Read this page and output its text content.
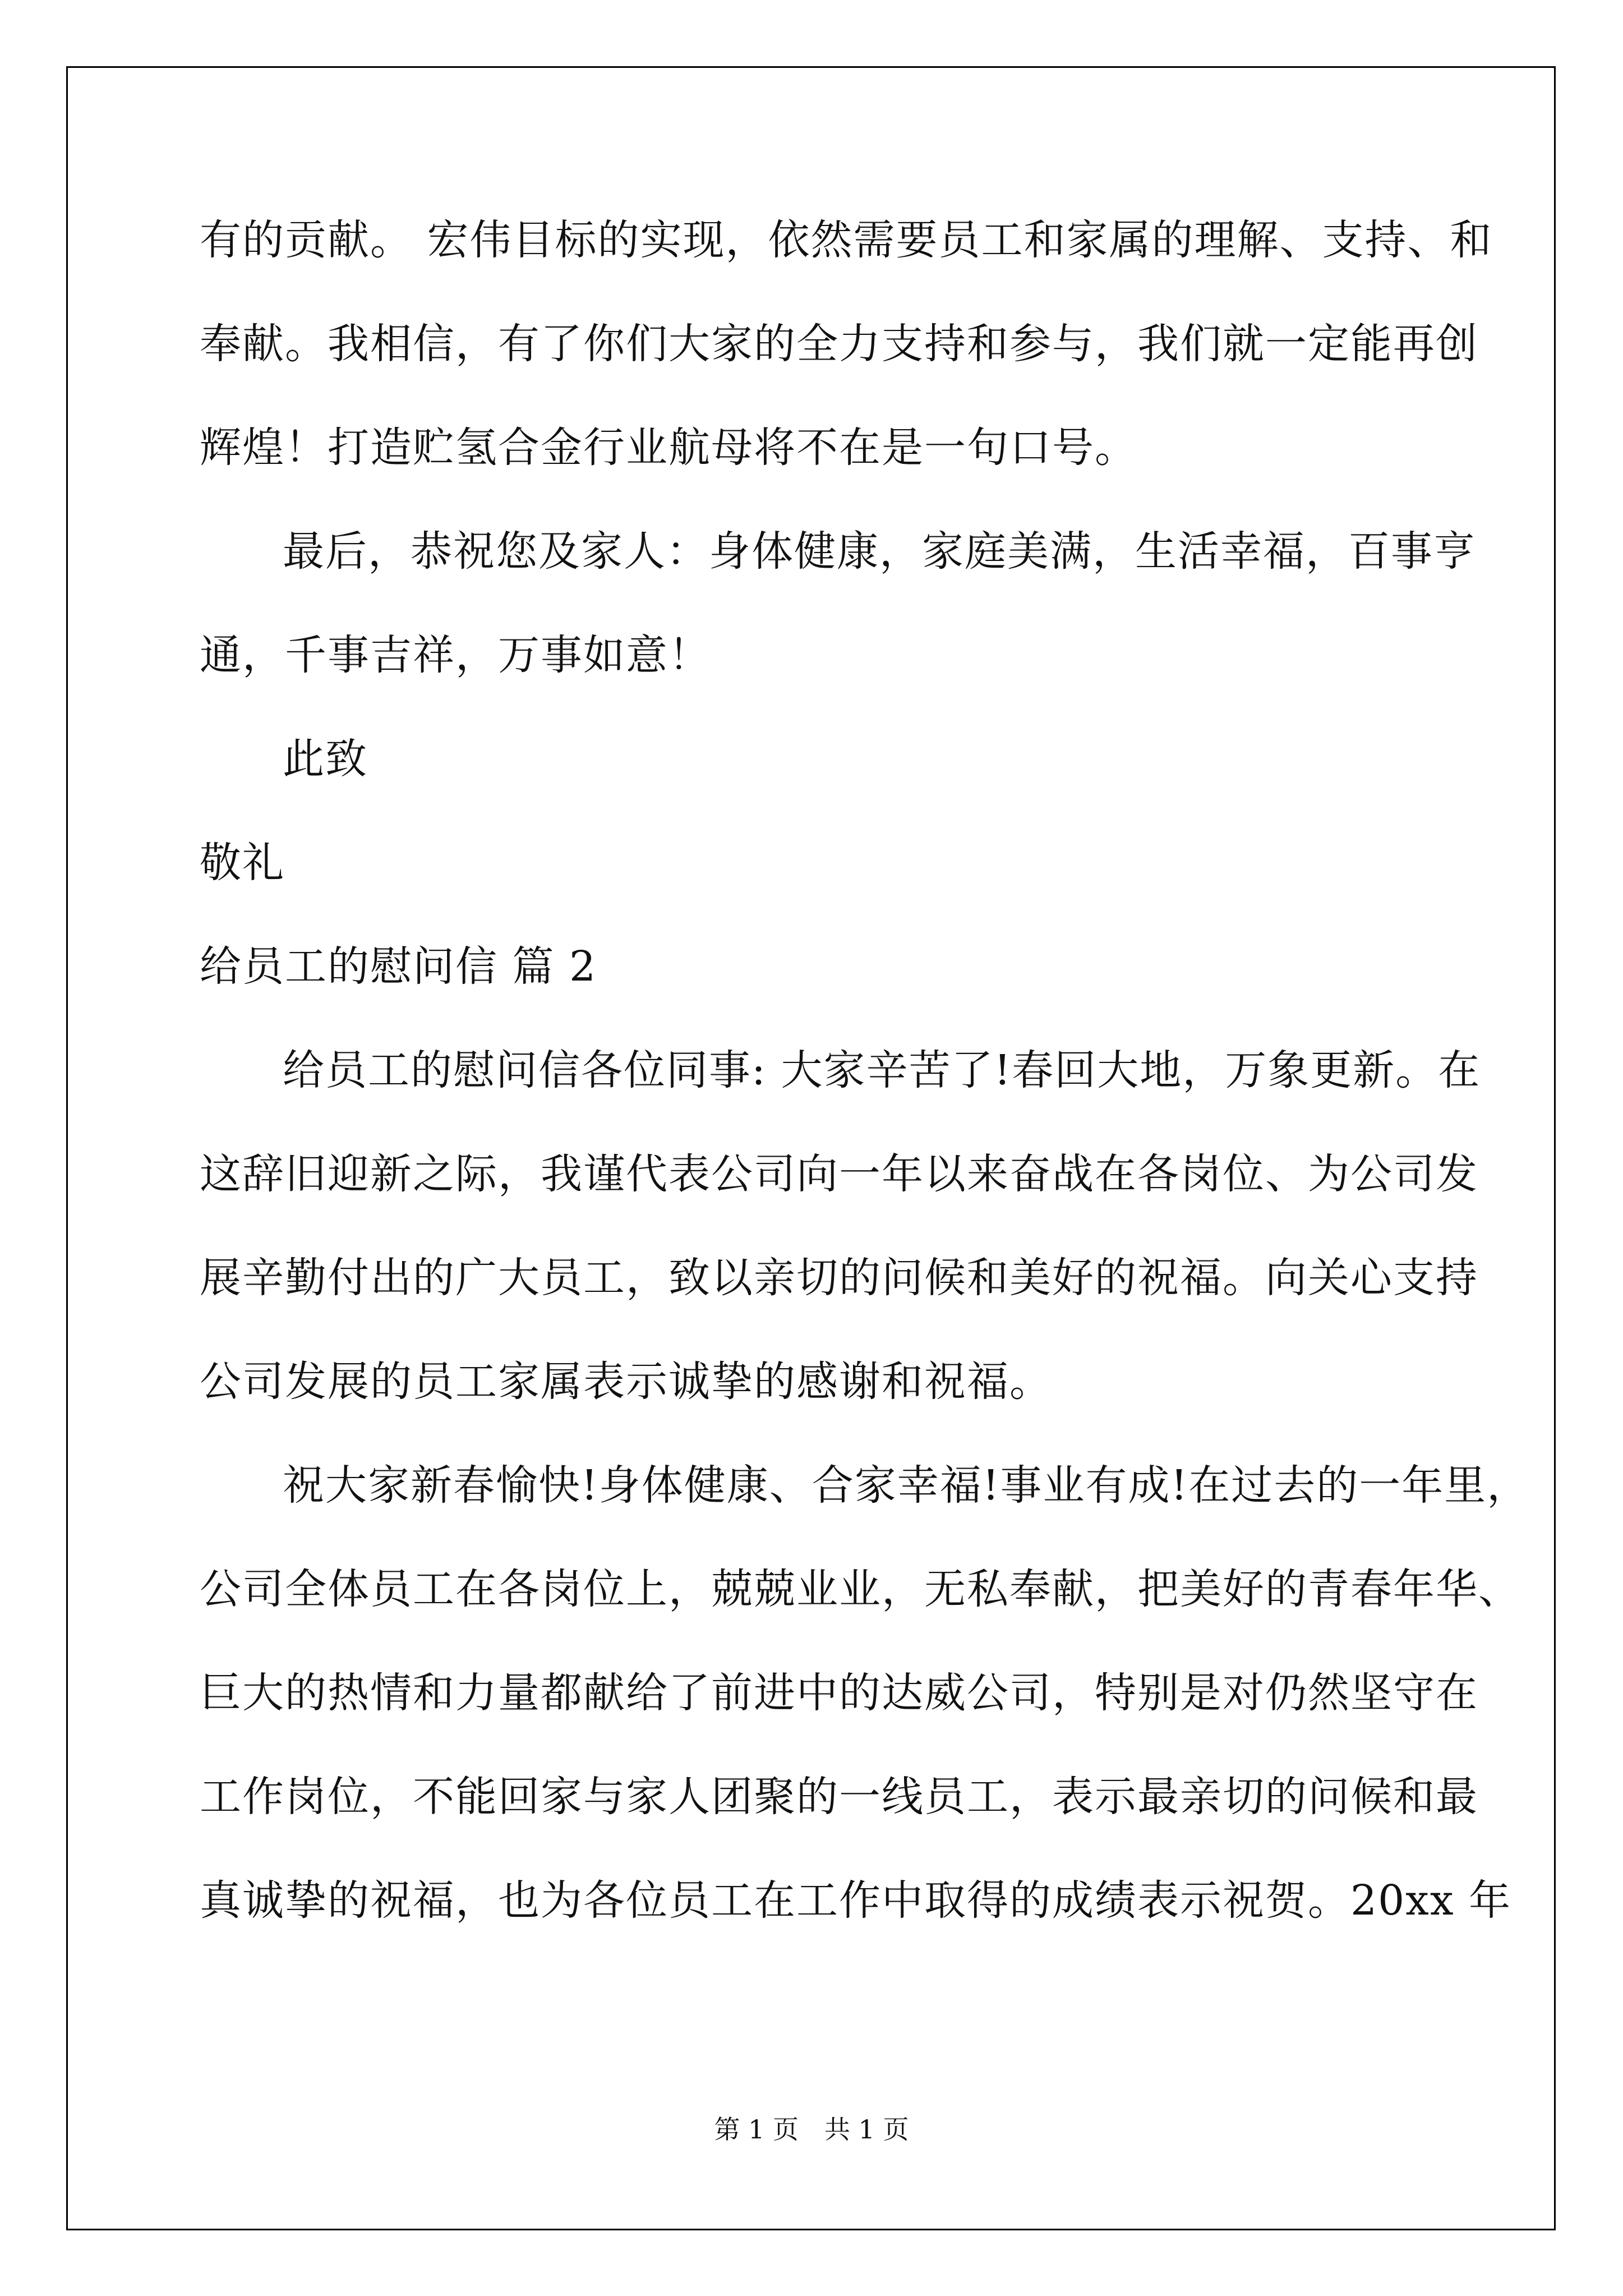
有的贡献。 宏伟目标的实现，依然需要员工和家属的理解、支持、和
奉献。我相信，有了你们大家的全力支持和参与，我们就一定能再创
辉煌！打造贮氢合金行业航母将不在是一句口号。
最后，恭祝您及家人：身体健康，家庭美满，生活幸福，百事亨
通，千事吉祥，万事如意！
此致
敬礼
给员工的慰问信 篇 2
给员工的慰问信各位同事: 大家辛苦了!春回大地，万象更新。在
这辞旧迎新之际，我谨代表公司向一年以来奋战在各岗位、为公司发
展辛勤付出的广大员工，致以亲切的问候和美好的祝福。向关心支持
公司发展的员工家属表示诚挚的感谢和祝福。
祝大家新春愉快!身体健康、合家幸福!事业有成!在过去的一年里，
公司全体员工在各岗位上，兢兢业业，无私奉献，把美好的青春年华、
巨大的热情和力量都献给了前进中的达威公司，特别是对仍然坚守在
工作岗位，不能回家与家人团聚的一线员工，表示最亲切的问候和最
真诚挚的祝福，也为各位员工在工作中取得的成绩表示祝贺。20xx 年
第 1 页　共 1 页
